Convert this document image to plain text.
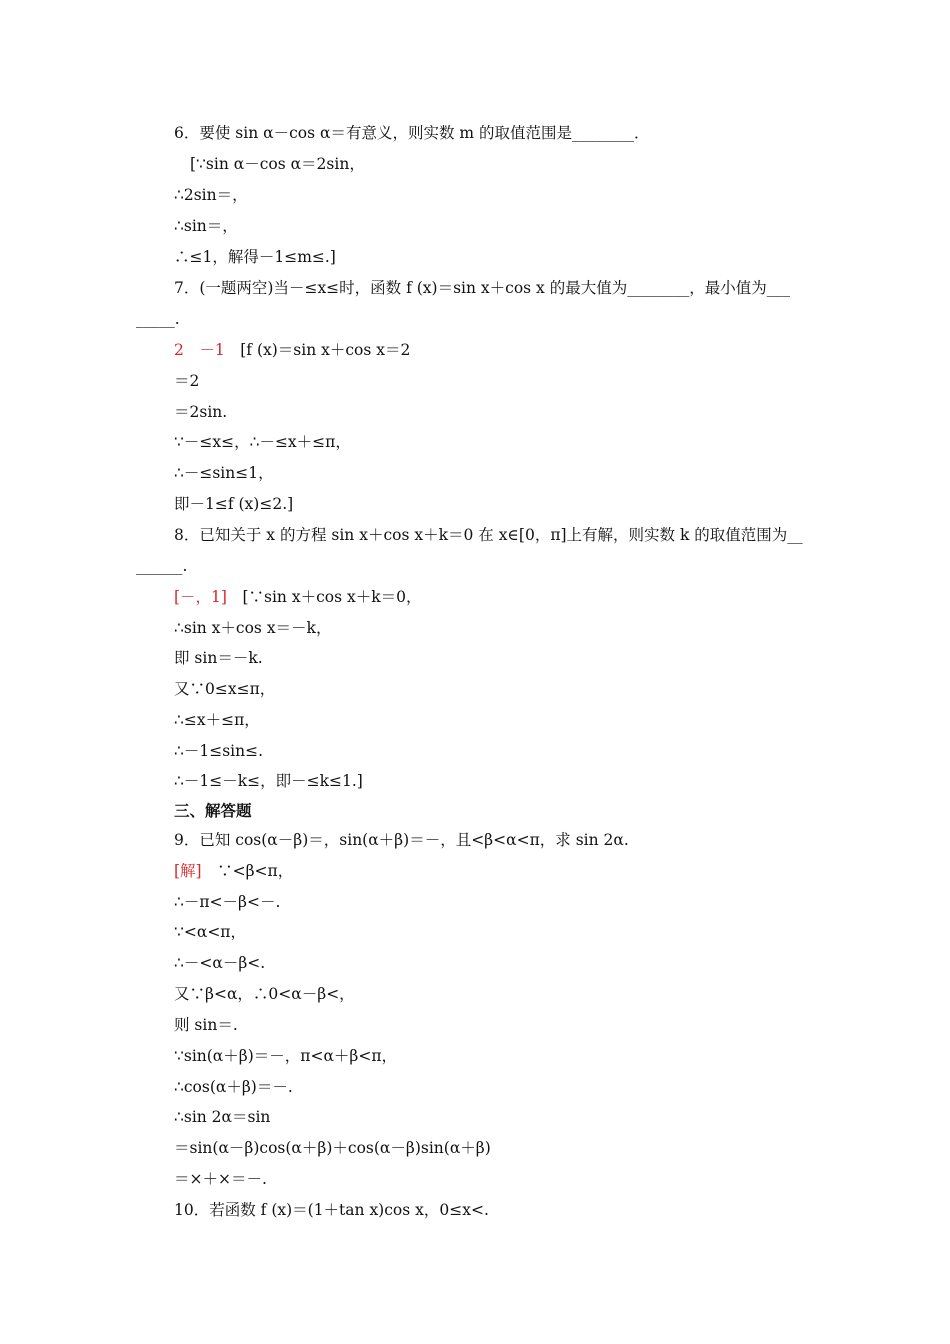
6．要使 sin α－cos α＝有意义，则实数 m 的取值范围是________．
[∵sin α－cos α＝2sin，
∴2sin＝，
∴sin＝，
∴≤1，解得－1≤m≤.]
7．(一题两空)当－≤x≤时，函数 f (x)＝sin x＋cos x 的最大值为________，最小值为___
_____.
2　－1　[f (x)＝sin x＋cos x＝2
＝2
＝2sin.
∵－≤x≤，∴－≤x＋≤π，
∴－≤sin≤1，
即－1≤f (x)≤2.]
8．已知关于 x 的方程 sin x＋cos x＋k＝0 在 x∈[0，π]上有解，则实数 k 的取值范围为__
______.
[－，1]　[∵sin x＋cos x＋k＝0，
∴sin x＋cos x＝－k，
即 sin＝－k.
又∵0≤x≤π，
∴≤x＋≤π，
∴－1≤sin≤.
∴－1≤－k≤，即－≤k≤1.]
三、解答题
9．已知 cos(α－β)＝，sin(α＋β)＝－，且<β<α<π，求 sin 2α.
[解]　∵<β<π，
∴－π<－β<－.
∵<α<π，
∴－<α－β<.
又∵β<α，∴0<α－β<，
则 sin＝.
∵sin(α＋β)＝－，π<α＋β<π，
∴cos(α＋β)＝－.
∴sin 2α＝sin
＝sin(α－β)cos(α＋β)＋cos(α－β)sin(α＋β)
＝×＋×＝－.
10．若函数 f (x)＝(1＋tan x)cos x，0≤x<.
